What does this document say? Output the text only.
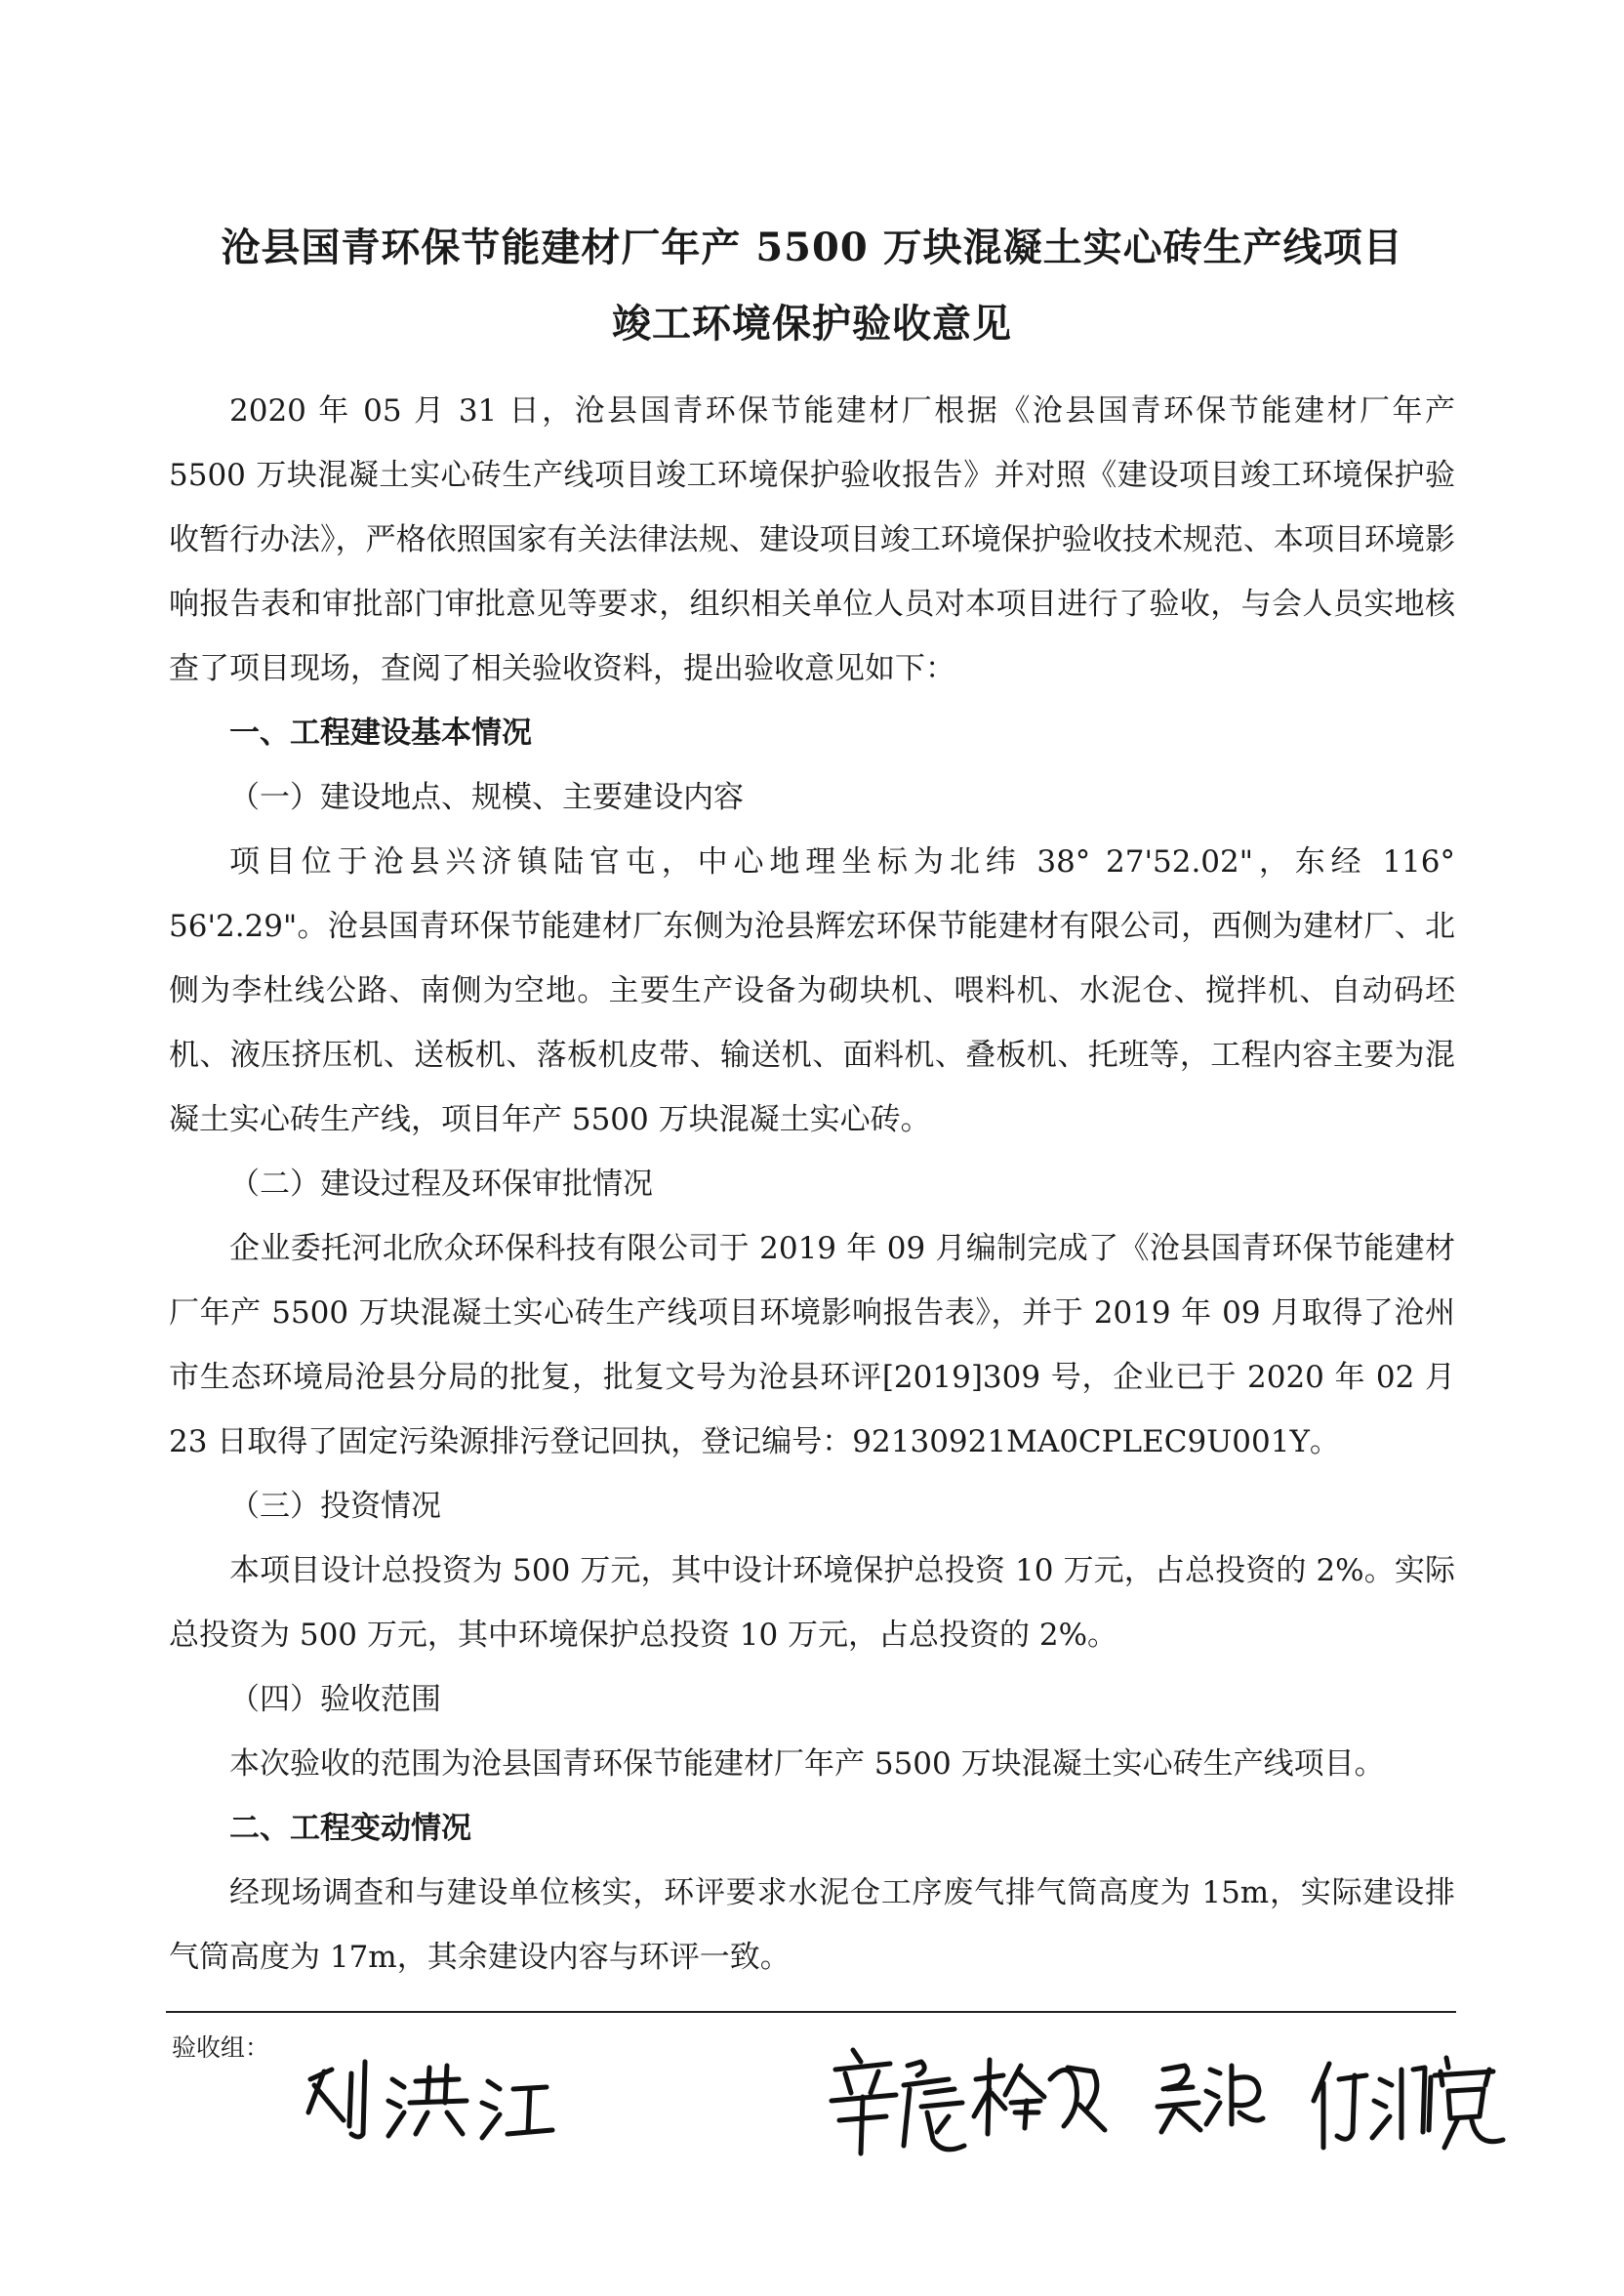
沧县国青环保节能建材厂年产 5500 万块混凝土实心砖生产线项目
竣工环境保护验收意见

2020 年 05 月 31 日，沧县国青环保节能建材厂根据《沧县国青环保节能建材厂年产 5500 万块混凝土实心砖生产线项目竣工环境保护验收报告》并对照《建设项目竣工环境保护验收暂行办法》，严格依照国家有关法律法规、建设项目竣工环境保护验收技术规范、本项目环境影响报告表和审批部门审批意见等要求，组织相关单位人员对本项目进行了验收，与会人员实地核查了项目现场，查阅了相关验收资料，提出验收意见如下：

一、工程建设基本情况

（一）建设地点、规模、主要建设内容

项目位于沧县兴济镇陆官屯，中心地理坐标为北纬 38° 27'52.02"，东经 116° 56'2.29"。沧县国青环保节能建材厂东侧为沧县辉宏环保节能建材有限公司，西侧为建材厂、北侧为李杜线公路、南侧为空地。主要生产设备为砌块机、喂料机、水泥仓、搅拌机、自动码坯机、液压挤压机、送板机、落板机皮带、输送机、面料机、叠板机、托班等，工程内容主要为混凝土实心砖生产线，项目年产 5500 万块混凝土实心砖。

（二）建设过程及环保审批情况

企业委托河北欣众环保科技有限公司于 2019 年 09 月编制完成了《沧县国青环保节能建材厂年产 5500 万块混凝土实心砖生产线项目环境影响报告表》，并于 2019 年 09 月取得了沧州市生态环境局沧县分局的批复，批复文号为沧县环评[2019]309 号，企业已于 2020 年 02 月 23 日取得了固定污染源排污登记回执，登记编号：92130921MA0CPLEC9U001Y。

（三）投资情况

本项目设计总投资为 500 万元，其中设计环境保护总投资 10 万元，占总投资的 2%。实际总投资为 500 万元，其中环境保护总投资 10 万元，占总投资的 2%。

（四）验收范围

本次验收的范围为沧县国青环保节能建材厂年产 5500 万块混凝土实心砖生产线项目。

二、工程变动情况

经现场调查和与建设单位核实，环评要求水泥仓工序废气排气筒高度为 15m，实际建设排气筒高度为 17m，其余建设内容与环评一致。

验收组：
